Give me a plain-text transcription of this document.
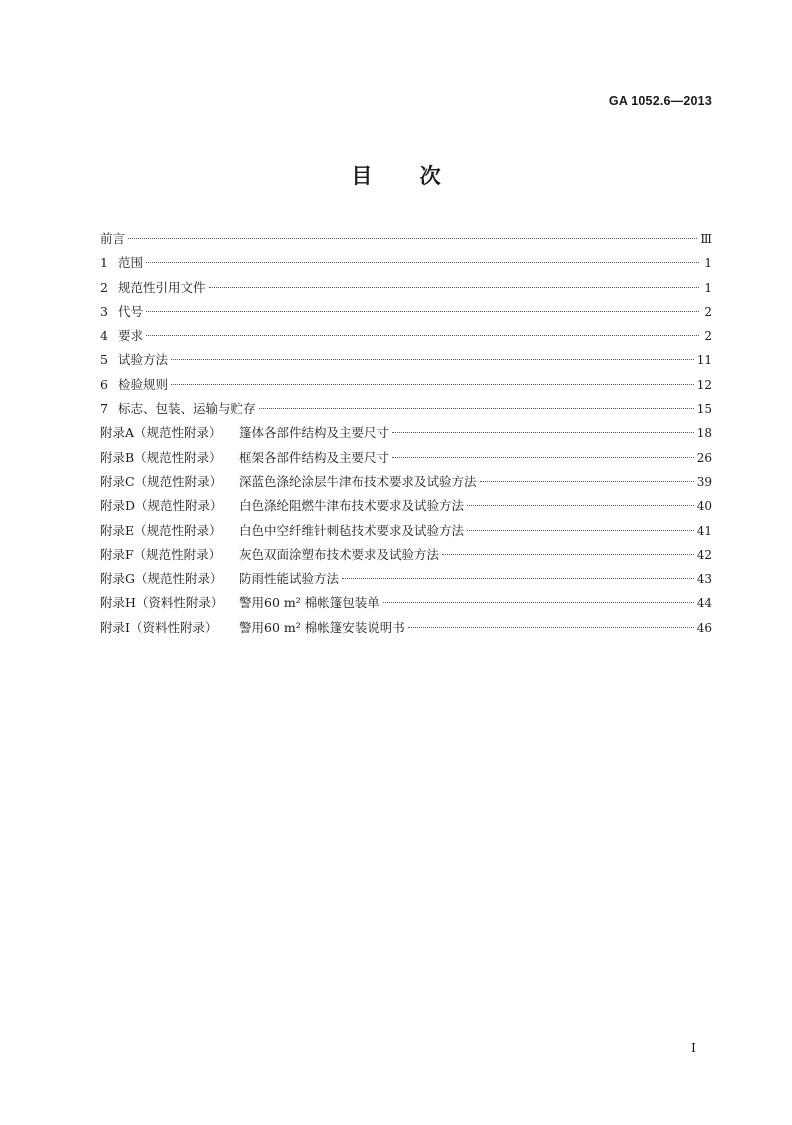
GA 1052.6—2013
目 次
前言	Ⅲ
1 范围	1
2 规范性引用文件	1
3 代号	2
4 要求	2
5 试验方法	11
6 检验规则	12
7 标志、包装、运输与贮存	15
附录A（规范性附录） 篷体各部件结构及主要尺寸	18
附录B（规范性附录） 框架各部件结构及主要尺寸	26
附录C（规范性附录） 深蓝色涤纶涂层牛津布技术要求及试验方法	39
附录D（规范性附录） 白色涤纶阻燃牛津布技术要求及试验方法	40
附录E（规范性附录） 白色中空纤维针刺毡技术要求及试验方法	41
附录F（规范性附录） 灰色双面涂塑布技术要求及试验方法	42
附录G（规范性附录） 防雨性能试验方法	43
附录H（资料性附录） 警用60 m² 棉帐篷包装单	44
附录I（资料性附录） 警用60 m² 棉帐篷安装说明书	46
I
